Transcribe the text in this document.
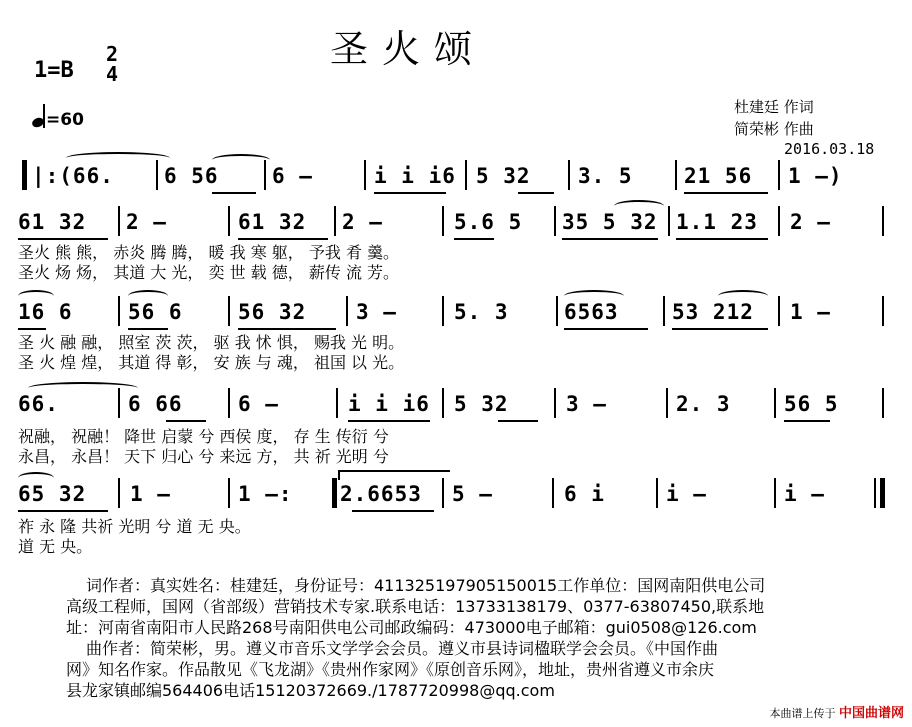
圣火颂
1=B
2
4
=60
杜建廷 作词
简荣彬 作曲
2016.03.18
|:(66. 6 56	6 –	i i i6 5 32 3. 5 21 56 1 –)
61 32 2 –	61 32 2 –	5.6 5 35 5 32 1.1 23 2 –
圣火 熊 熊， 赤炎 腾 腾， 暖 我 寒 躯， 予我 肴 羹。
圣火 炀 炀， 其道 大 光， 奕 世 载 德， 薪传 流 芳。
16 6	56 6	56 32 3 –	5. 3	6563	53 212 1 –
圣 火 融 融， 照室 茨 茨， 驱 我 怵 惧， 赐我 光 明。
圣 火 煌 煌， 其道 得 彰， 安 族 与 魂， 祖国 以 光。
66.	6 66	6 –	i i i6 5 32	3 –	2. 3	56 5
祝融， 祝融！ 降世 启蒙 兮 西侯 度， 存 生 传衍 兮
永昌， 永昌！ 天下 归心 兮 来远 方， 共 祈 光明 兮
65 32 1 –	1 –: 2.6653 5 –	6 i	i –	i –
祚 永 隆 共祈 光明 兮 道 无 央。
道 无 央。

词作者：真实姓名：桂建廷，身份证号：411325197905150015工作单位：国网南阳供电公司

高级工程师，国网（省部级）营销技术专家.联系电话：13733138179、0377-63807450,联系地

址：河南省南阳市人民路268号南阳供电公司邮政编码：473000电子邮箱：gui0508@126.com

曲作者：简荣彬，男。遵义市音乐文学学会会员。遵义市县诗词楹联学会会员。《中国作曲

网》知名作家。作品散见《飞龙湖》《贵州作家网》《原创音乐网》，地址，贵州省遵义市余庆

县龙家镇邮编564406电话15120372669./1787720998@qq.com

本曲谱上传于 中国曲谱网
